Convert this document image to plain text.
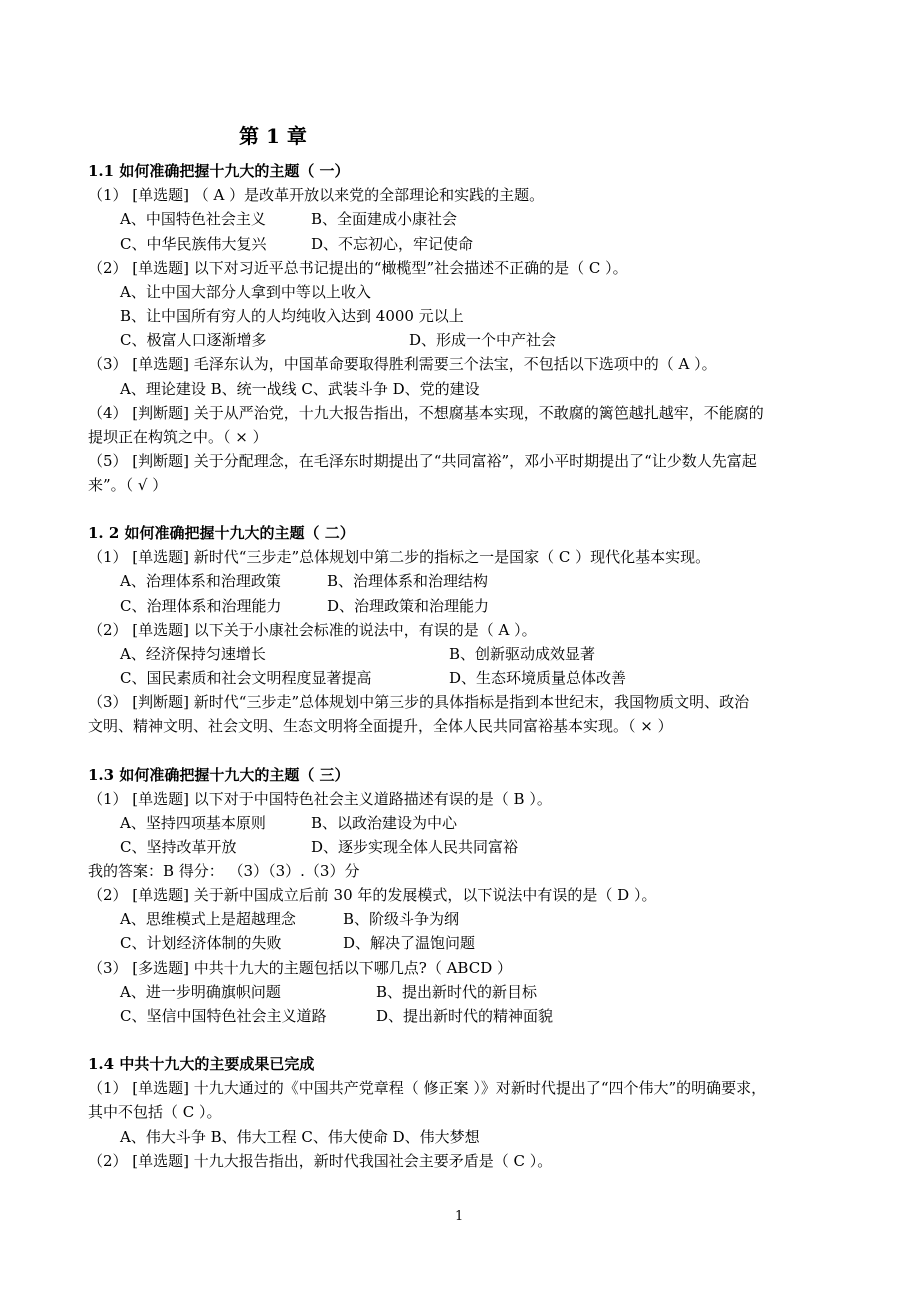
第 1 章
1.1 如何准确把握十九大的主题（ 一）
（1） [单选题] （ A ）是改革开放以来党的全部理论和实践的主题。
A、中国特色社会主义	B、全面建成小康社会
C、中华民族伟大复兴	D、不忘初心，牢记使命
（2） [单选题] 以下对习近平总书记提出的“橄榄型”社会描述不正确的是（ C ）。
A、让中国大部分人拿到中等以上收入
B、让中国所有穷人的人均纯收入达到 4000 元以上
C、极富人口逐渐增多	D、形成一个中产社会
（3） [单选题] 毛泽东认为，中国革命要取得胜利需要三个法宝，不包括以下选项中的（ A ）。
A、理论建设 B、统一战线 C、武装斗争 D、党的建设
（4） [判断题] 关于从严治党，十九大报告指出，不想腐基本实现，不敢腐的篱笆越扎越牢，不能腐的
提坝正在构筑之中。（ × ）
（5） [判断题] 关于分配理念，在毛泽东时期提出了“共同富裕”，邓小平时期提出了“让少数人先富起
来”。（ √ ）
1. 2 如何准确把握十九大的主题（ 二）
（1） [单选题] 新时代“三步走”总体规划中第二步的指标之一是国家（ C ）现代化基本实现。
A、治理体系和治理政策	B、治理体系和治理结构
C、治理体系和治理能力	D、治理政策和治理能力
（2） [单选题] 以下关于小康社会标准的说法中，有误的是（ A ）。
A、经济保持匀速增长	B、创新驱动成效显著
C、国民素质和社会文明程度显著提高	D、生态环境质量总体改善
（3） [判断题] 新时代“三步走”总体规划中第三步的具体指标是指到本世纪末，我国物质文明、政治
文明、精神文明、社会文明、生态文明将全面提升，全体人民共同富裕基本实现。（ × ）
1.3 如何准确把握十九大的主题（ 三）
（1） [单选题] 以下对于中国特色社会主义道路描述有误的是（ B ）。
A、坚持四项基本原则	B、以政治建设为中心
C、坚持改革开放	D、逐步实现全体人民共同富裕
我的答案：B 得分： （3）（3）.（3）分
（2） [单选题] 关于新中国成立后前 30 年的发展模式，以下说法中有误的是（ D ）。
A、思维模式上是超越理念	B、阶级斗争为纲
C、计划经济体制的失败	D、解决了温饱问题
（3） [多选题] 中共十九大的主题包括以下哪几点?（ ABCD ）
A、进一步明确旗帜问题	B、提出新时代的新目标
C、坚信中国特色社会主义道路	D、提出新时代的精神面貌
1.4 中共十九大的主要成果已完成
（1） [单选题] 十九大通过的《中国共产党章程（ 修正案 ）》对新时代提出了“四个伟大”的明确要求，
其中不包括（ C ）。
A、伟大斗争 B、伟大工程 C、伟大使命 D、伟大梦想
（2） [单选题] 十九大报告指出，新时代我国社会主要矛盾是（ C ）。
1
